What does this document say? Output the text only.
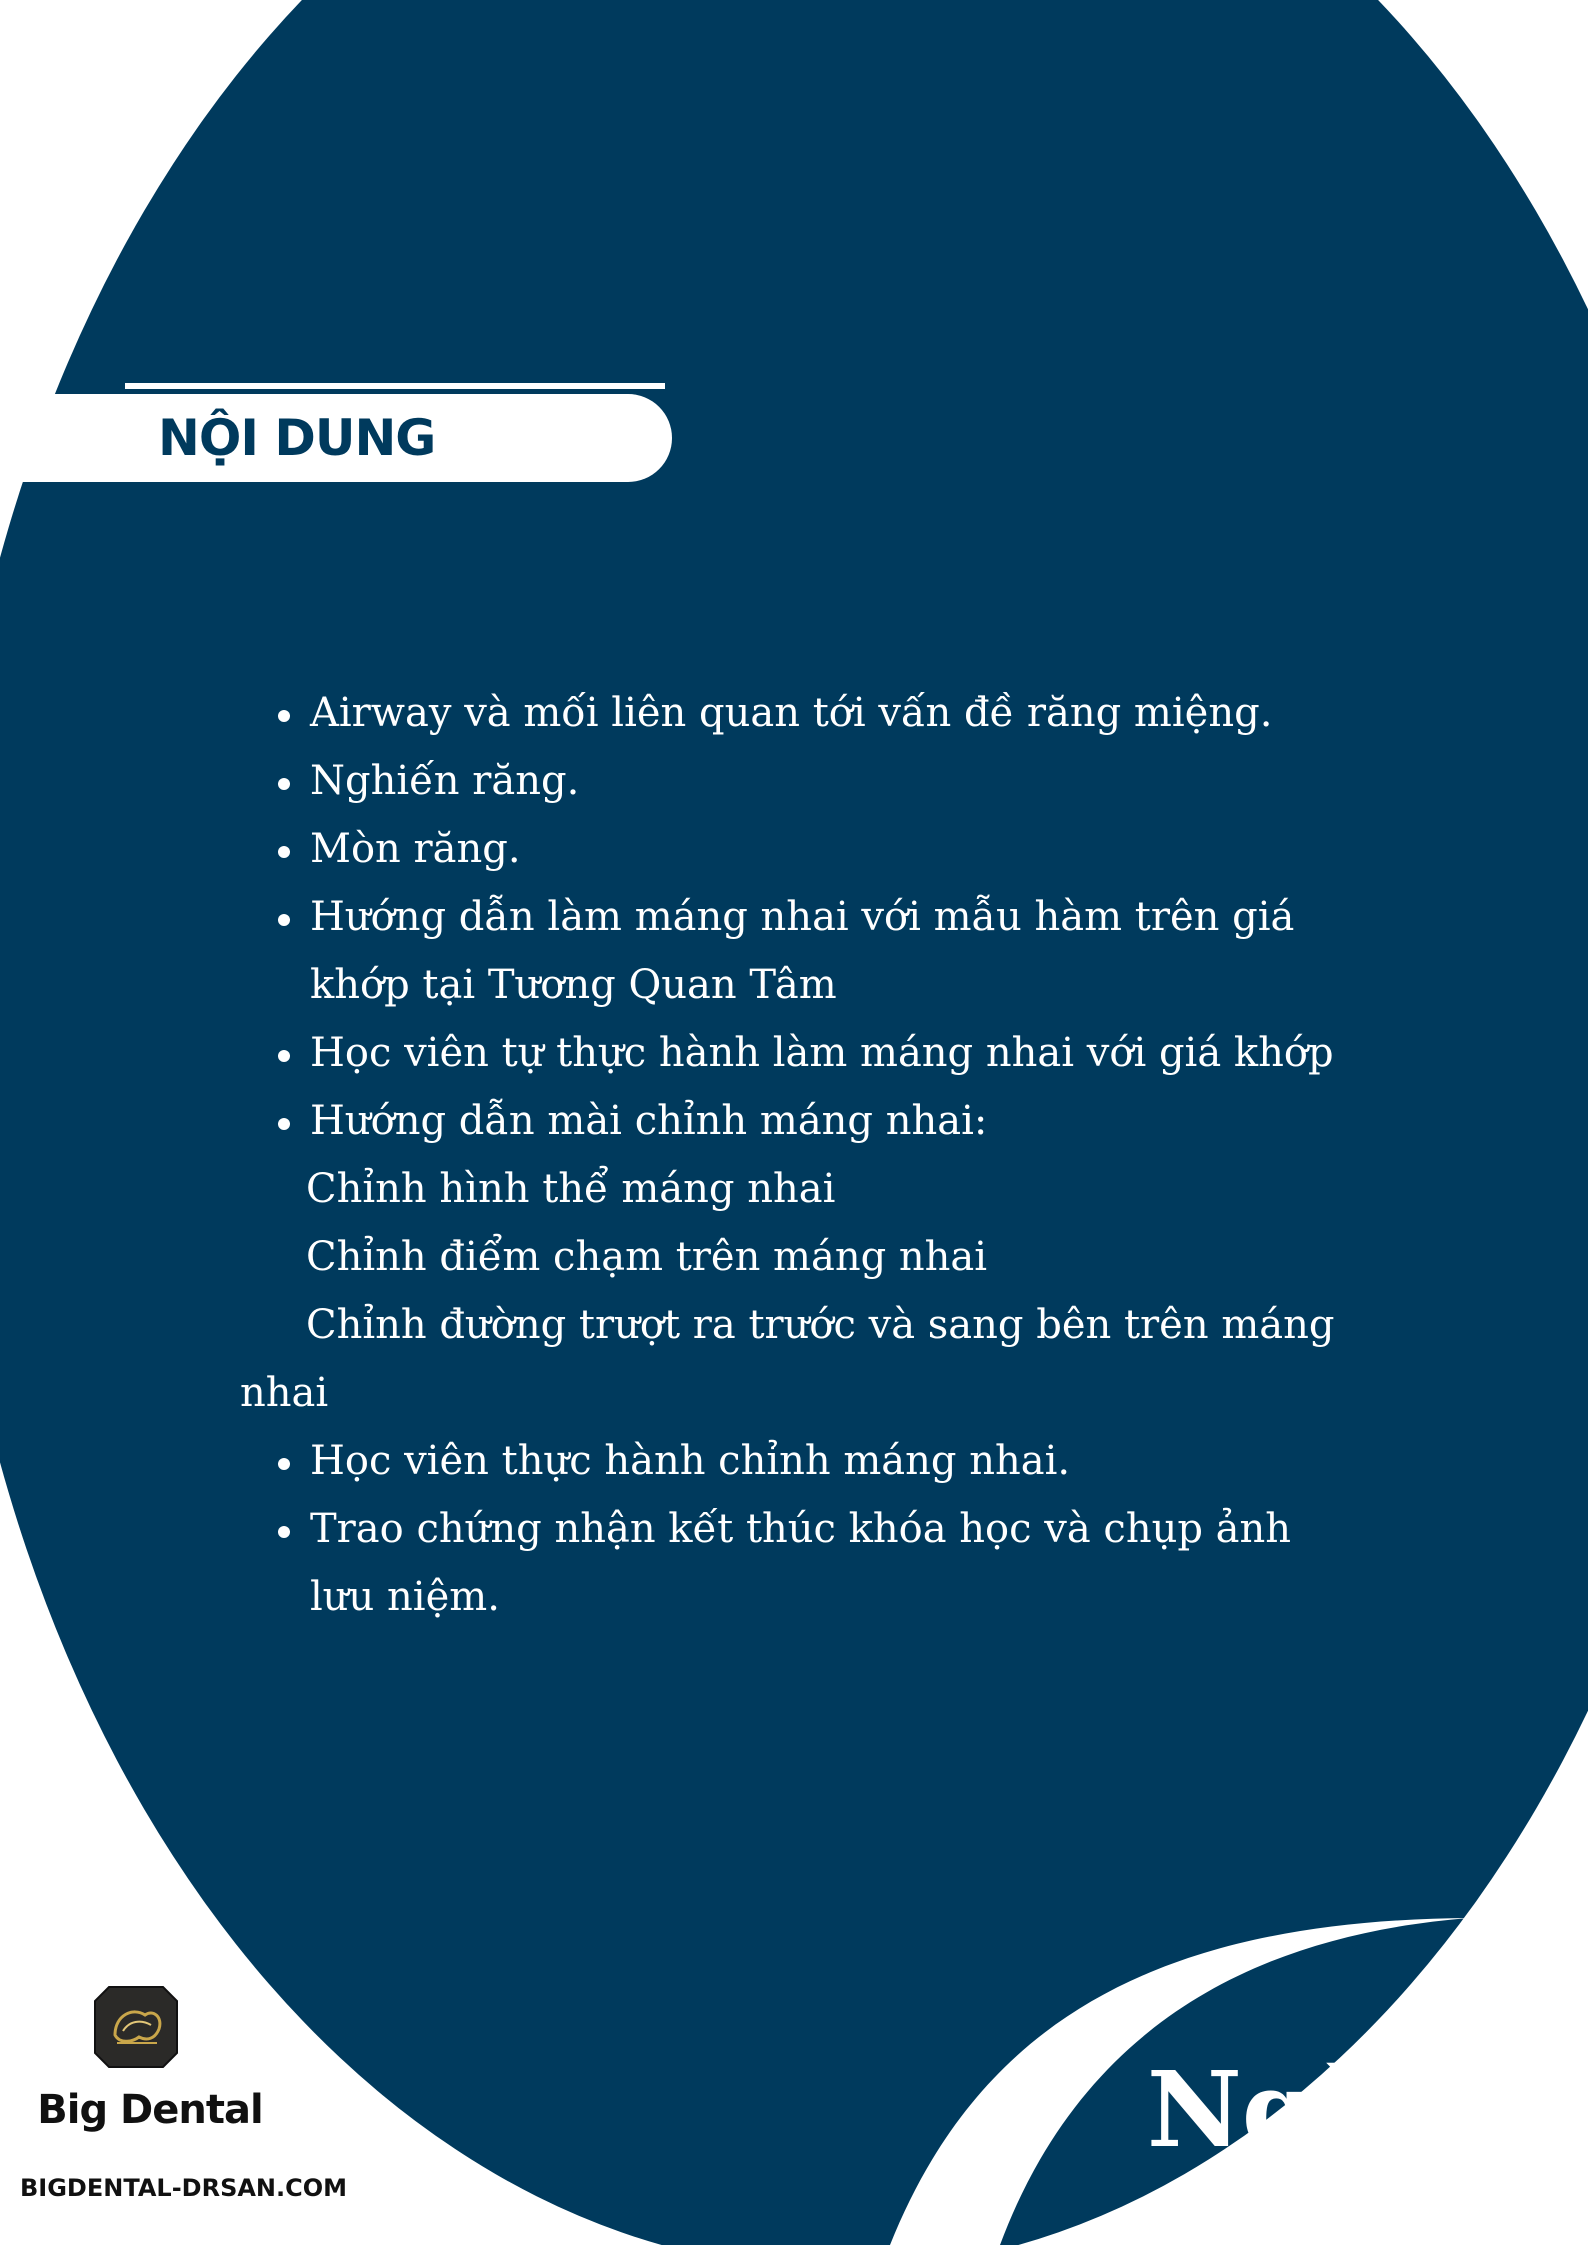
NỘI DUNG
Airway và mối liên quan tới vấn đề răng miệng.
Nghiến răng.
Mòn răng.
Hướng dẫn làm máng nhai với mẫu hàm trên giá
khớp tại Tương Quan Tâm
Học viên tự thực hành làm máng nhai với giá khớp
Hướng dẫn mài chỉnh máng nhai:
Chỉnh hình thể máng nhai
Chỉnh điểm chạm trên máng nhai
Chỉnh đường trượt ra trước và sang bên trên máng
nhai
Học viên thực hành chỉnh máng nhai.
Trao chứng nhận kết thúc khóa học và chụp ảnh
lưu niệm.
Ngày 3
Big Dental
BIGDENTAL-DRSAN.COM
